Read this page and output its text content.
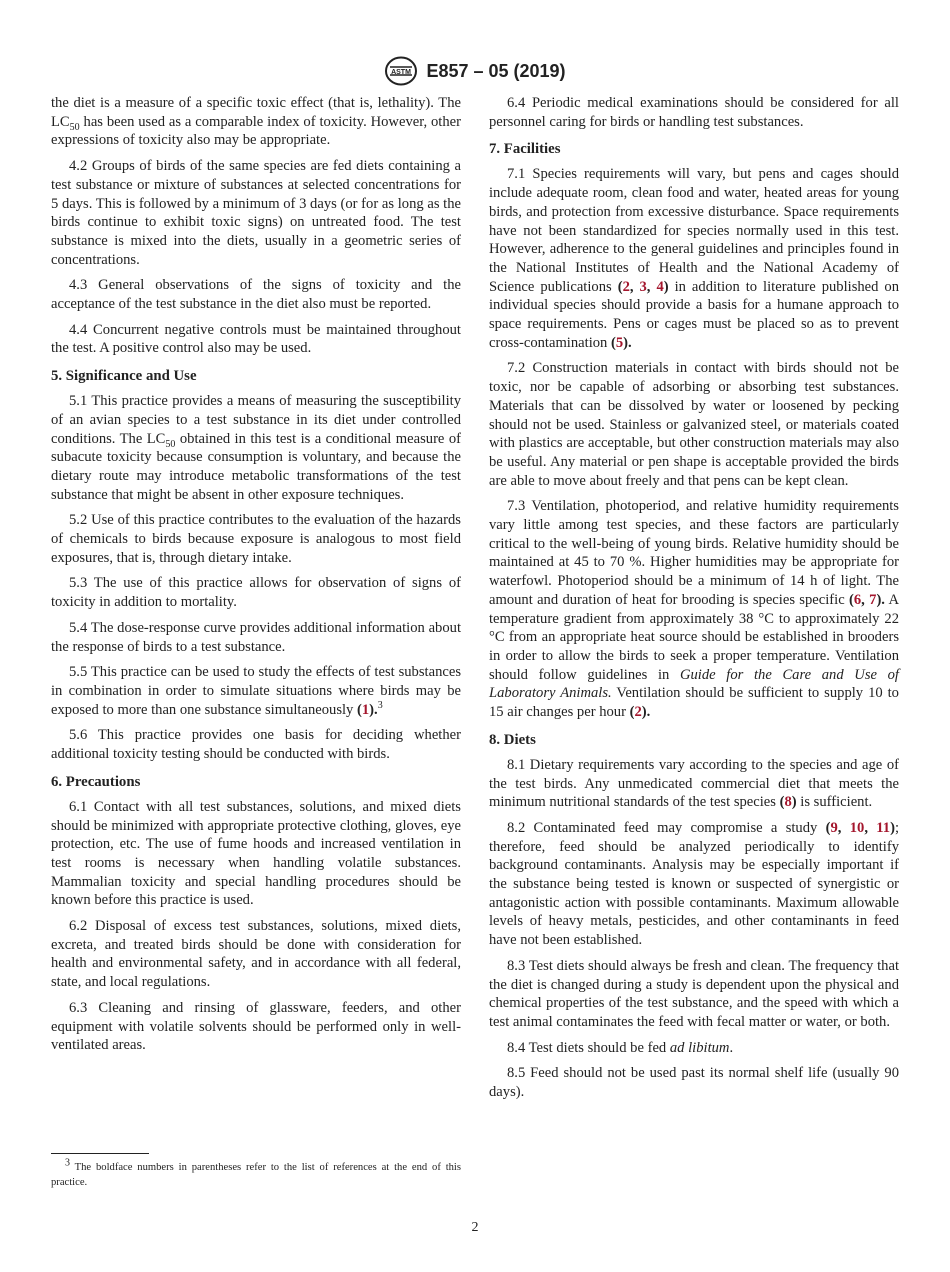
ASTM E857 – 05 (2019)

the diet is a measure of a specific toxic effect (that is, lethality). The $LC_{50}$ has been used as a comparable index of toxicity. However, other expressions of toxicity also may be appropriate.

4.2 Groups of birds of the same species are fed diets containing a test substance or mixture of substances at selected concentrations for 5 days. This is followed by a minimum of 3 days (or for as long as the birds continue to exhibit toxic signs) on untreated food. The test substance is mixed into the diets, usually in a geometric series of concentrations.

4.3 General observations of the signs of toxicity and the acceptance of the test substance in the diet also must be reported.

4.4 Concurrent negative controls must be maintained throughout the test. A positive control also may be used.

5. Significance and Use

5.1 This practice provides a means of measuring the susceptibility of an avian species to a test substance in its diet under controlled conditions. The $LC_{50}$ obtained in this test is a conditional measure of subacute toxicity because consumption is voluntary, and because the dietary route may introduce metabolic transformations of the test substance that might be absent in other exposure techniques.

5.2 Use of this practice contributes to the evaluation of the hazards of chemicals to birds because exposure is analogous to most field exposures, that is, through dietary intake.

5.3 The use of this practice allows for observation of signs of toxicity in addition to mortality.

5.4 The dose-response curve provides additional information about the response of birds to a test substance.

5.5 This practice can be used to study the effects of test substances in combination in order to simulate situations where birds may be exposed to more than one substance simultaneously (1).$^3$

5.6 This practice provides one basis for deciding whether additional toxicity testing should be conducted with birds.

6. Precautions

6.1 Contact with all test substances, solutions, and mixed diets should be minimized with appropriate protective clothing, gloves, eye protection, etc. The use of fume hoods and increased ventilation in test rooms is necessary when handling volatile substances. Mammalian toxicity and special handling procedures should be known before this practice is used.

6.2 Disposal of excess test substances, solutions, mixed diets, excreta, and treated birds should be done with consideration for health and environmental safety, and in accordance with all federal, state, and local regulations.

6.3 Cleaning and rinsing of glassware, feeders, and other equipment with volatile solvents should be performed only in well-ventilated areas.

$^3$ The boldface numbers in parentheses refer to the list of references at the end of this practice.

6.4 Periodic medical examinations should be considered for all personnel caring for birds or handling test substances.

7. Facilities

7.1 Species requirements will vary, but pens and cages should include adequate room, clean food and water, heated areas for young birds, and protection from excessive disturbance. Space requirements have not been standardized for species normally used in this test. However, adherence to the general guidelines and principles found in the National Institutes of Health and the National Academy of Science publications (2, 3, 4) in addition to literature published on individual species should provide a basis for a humane approach to space requirements. Pens or cages must be placed so as to prevent cross-contamination (5).

7.2 Construction materials in contact with birds should not be toxic, nor be capable of adsorbing or absorbing test substances. Materials that can be dissolved by water or loosened by pecking should not be used. Stainless or galvanized steel, or materials coated with plastics are acceptable, but other construction materials may also be useful. Any material or pen shape is acceptable provided the birds are able to move about freely and that pens can be kept clean.

7.3 Ventilation, photoperiod, and relative humidity requirements vary little among test species, and these factors are particularly critical to the well-being of young birds. Relative humidity should be maintained at 45 to 70 %. Higher humidities may be appropriate for waterfowl. Photoperiod should be a minimum of 14 h of light. The amount and duration of heat for brooding is species specific (6, 7). A temperature gradient from approximately 38 °C to approximately 22 °C from an appropriate heat source should be established in brooders in order to allow the birds to seek a proper temperature. Ventilation should follow guidelines in Guide for the Care and Use of Laboratory Animals. Ventilation should be sufficient to supply 10 to 15 air changes per hour (2).

8. Diets

8.1 Dietary requirements vary according to the species and age of the test birds. Any unmedicated commercial diet that meets the minimum nutritional standards of the test species (8) is sufficient.

8.2 Contaminated feed may compromise a study (9, 10, 11); therefore, feed should be analyzed periodically to identify background contaminants. Analysis may be especially important if the substance being tested is known or suspected of synergistic or antagonistic action with possible contaminants. Maximum allowable levels of heavy metals, pesticides, and other contaminants in feed have not been established.

8.3 Test diets should always be fresh and clean. The frequency that the diet is changed during a study is dependent upon the physical and chemical properties of the test substance, and the speed with which a test animal contaminates the feed with fecal matter or water, or both.

8.4 Test diets should be fed ad libitum.

8.5 Feed should not be used past its normal shelf life (usually 90 days).

2
